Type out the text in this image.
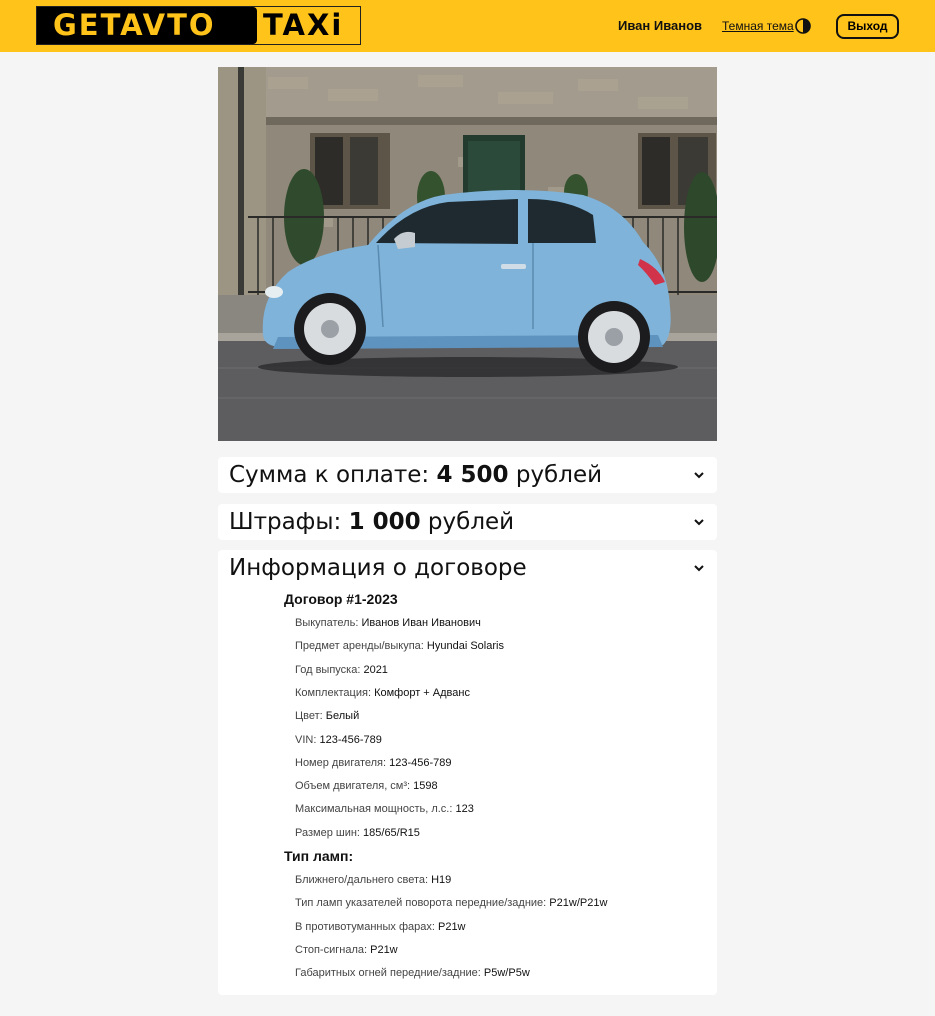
GETAVTO	TAXi	Иван Иванов Темная тема	Выход
Сумма к оплате: 4 500 рублей
Штрафы: 1 000 рублей
Информация о договоре
Договор #1-2023
Тип ламп:
Выкупатель: Иванов Иван Иванович
Предмет аренды/выкупа: Hyundai Solaris
Год выпуска: 2021
Комплектация: Комфорт + Адванс
Цвет: Белый
VIN: 123-456-789
Номер двигателя: 123-456-789
Объем двигателя, см³: 1598
Максимальная мощность, л.с.: 123
Размер шин: 185/65/R15
Ближнего/дальнего света: H19
Тип ламп указателей поворота передние/задние: P21w/P21w
В противотуманных фарах: P21w
Стоп-сигнала: P21w
Габаритных огней передние/задние: P5w/P5w
